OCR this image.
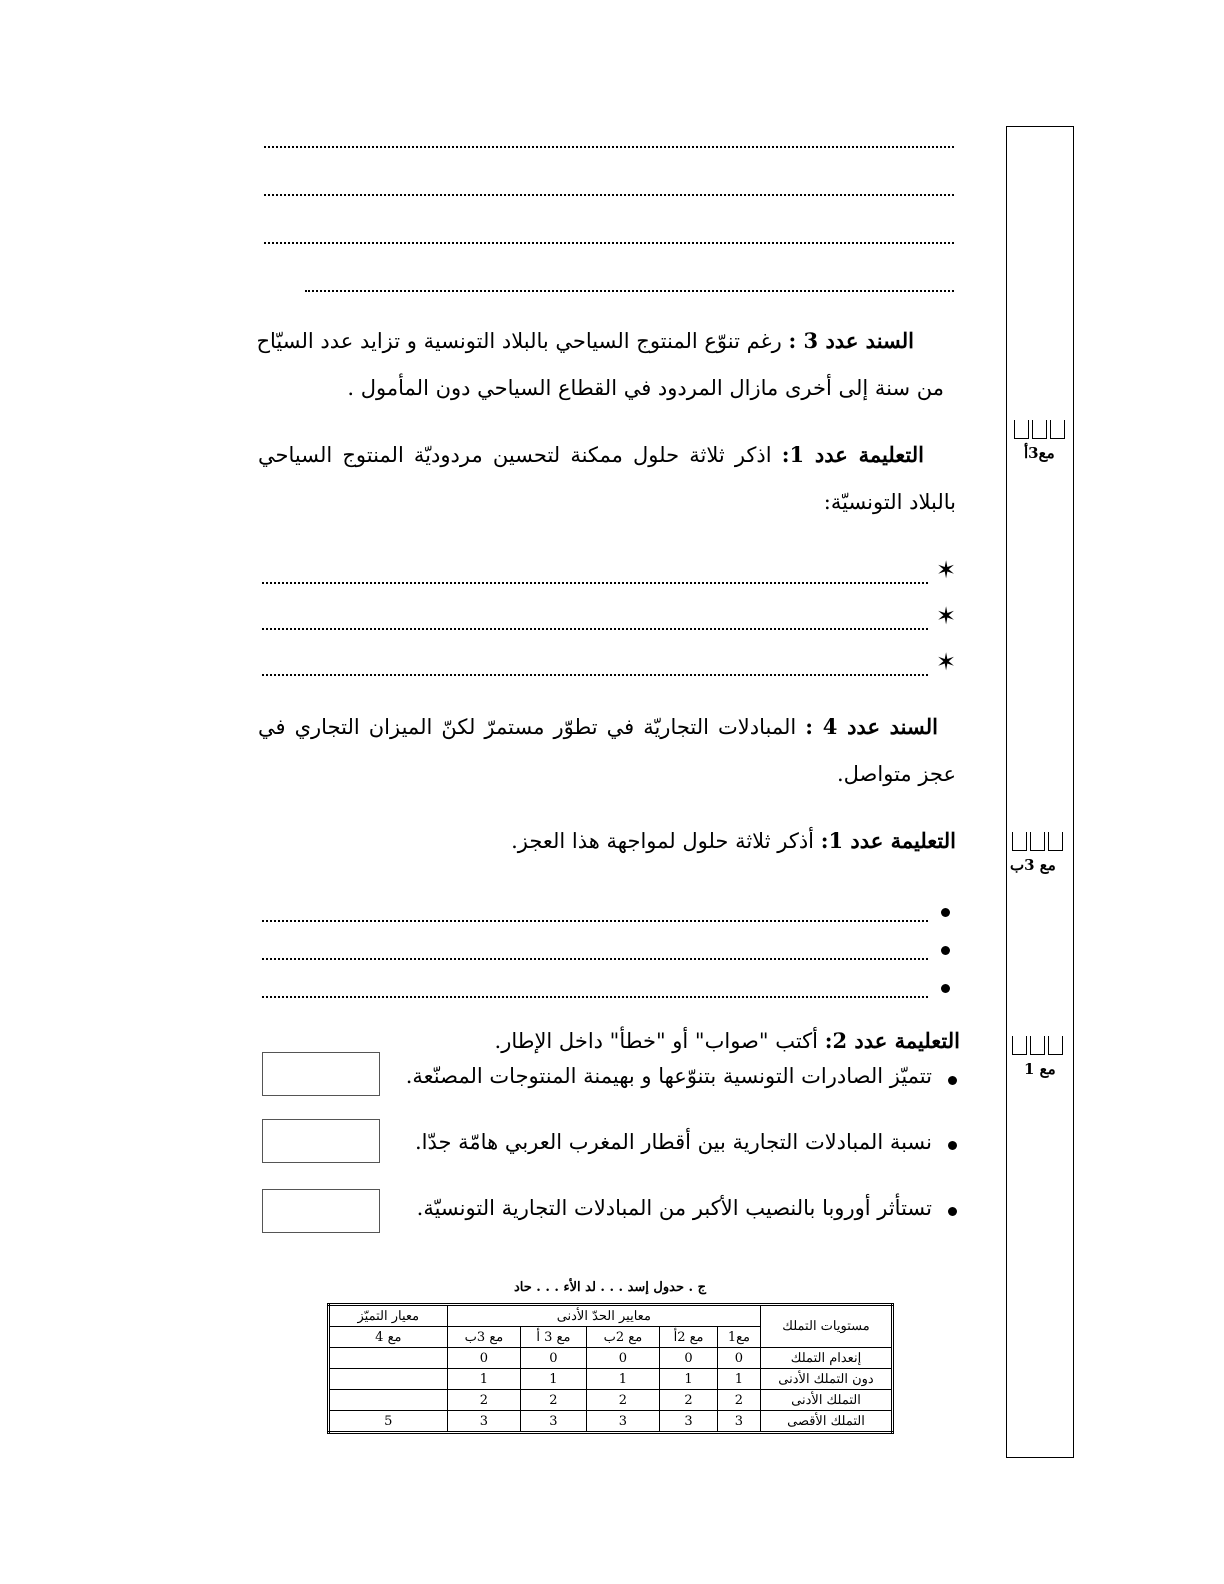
السند عدد 3 : رغم تنوّع المنتوج السياحي بالبلاد التونسية و تزايد عدد السيّاح
من سنة إلى أخرى مازال المردود في القطاع السياحي دون المأمول .
التعليمة عدد 1: اذكر ثلاثة حلول ممكنة لتحسين مردوديّة المنتوج السياحي
بالبلاد التونسيّة:
✶
✶
✶
السند عدد 4 : المبادلات التجاريّة في تطوّر مستمرّ لكنّ الميزان التجاري في
عجز متواصل.
التعليمة عدد 1: أذكر ثلاثة حلول لمواجهة هذا العجز.
التعليمة عدد 2: أكتب "صواب" أو "خطأ" داخل الإطار.
تتميّز الصادرات التونسية بتنوّعها و بهيمنة المنتوجات المصنّعة.
نسبة المبادلات التجارية بين أقطار المغرب العربي هامّة جدّا.
تستأثر أوروبا بالنصيب الأكبر من المبادلات التجارية التونسيّة.
مع3أ
مع 3ب
مع 1
ج . حدول إسد . . . لد الأء . . . حاد
مستويات التملك	معايير الحدّ الأدنى					معيار التميّز
	مع1	مع 2أ	مع 2ب	مع 3 أ	مع 3ب	مع 4
إنعدام التملك	0	0	0	0	0	
دون التملك الأدنى	1	1	1	1	1	
التملك الأدنى	2	2	2	2	2	
التملك الأقصى	3	3	3	3	3	5
